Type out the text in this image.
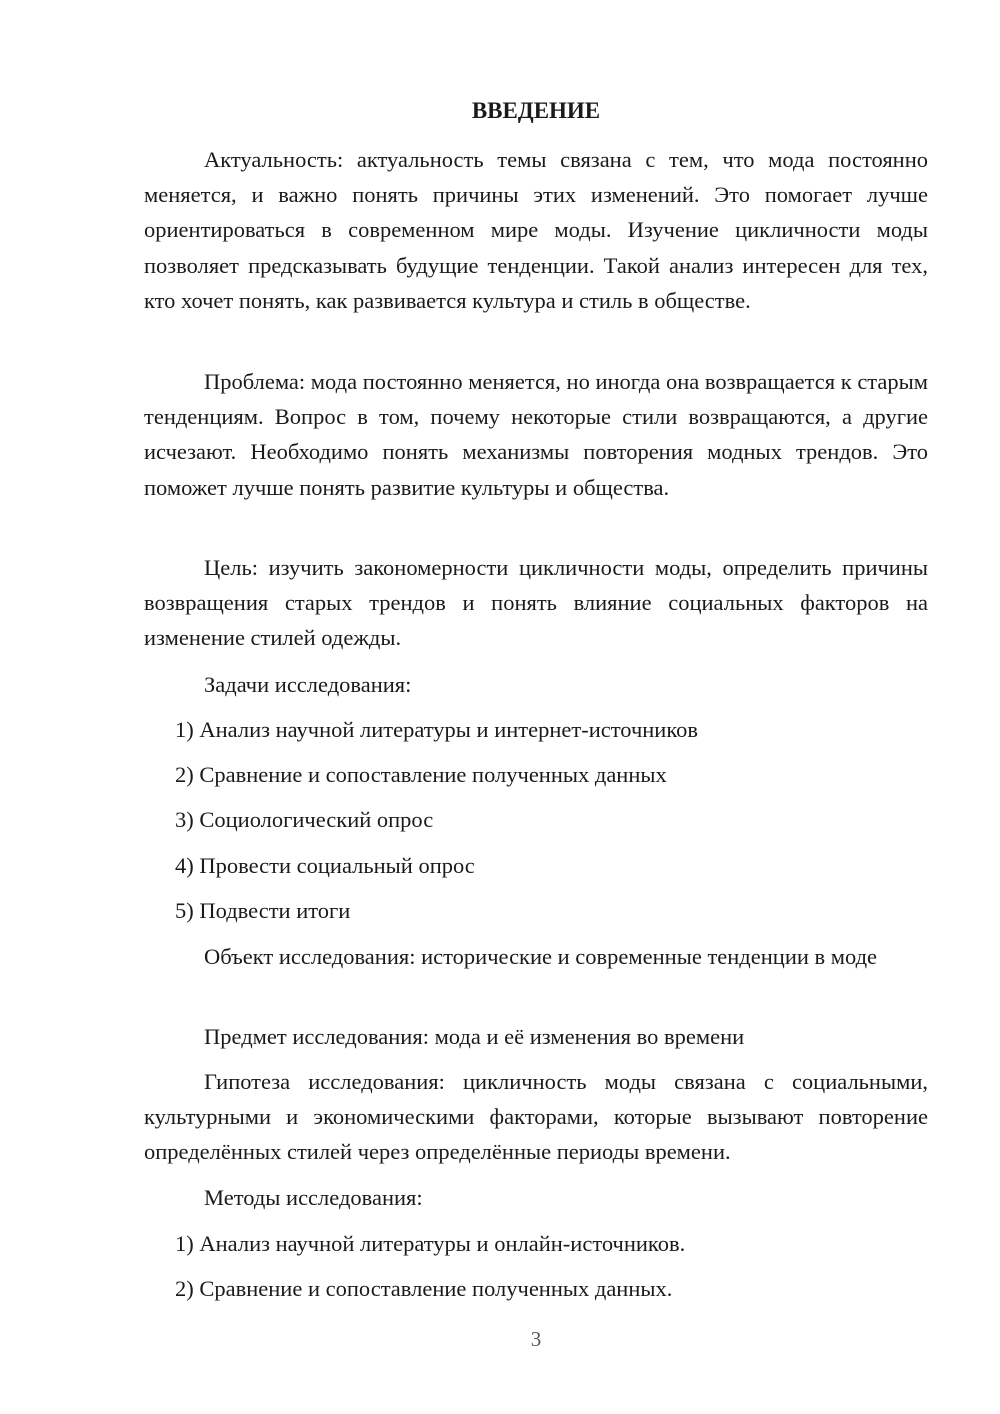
ВВЕДЕНИЕ

Актуальность: актуальность темы связана с тем, что мода постоянно меняется, и важно понять причины этих изменений. Это помогает лучше ориентироваться в современном мире моды. Изучение цикличности моды позволяет предсказывать будущие тенденции. Такой анализ интересен для тех, кто хочет понять, как развивается культура и стиль в обществе.

Проблема: мода постоянно меняется, но иногда она возвращается к старым тенденциям. Вопрос в том, почему некоторые стили возвращаются, а другие исчезают. Необходимо понять механизмы повторения модных трендов. Это поможет лучше понять развитие культуры и общества.

Цель: изучить закономерности цикличности моды, определить причины возвращения старых трендов и понять влияние социальных факторов на изменение стилей одежды.

Задачи исследования:

1) Анализ научной литературы и интернет-источников

2) Сравнение и сопоставление полученных данных

3) Социологический опрос

4) Провести социальный опрос

5) Подвести итоги

Объект исследования: исторические и современные тенденции в моде

Предмет исследования: мода и её изменения во времени

Гипотеза исследования: цикличность моды связана с социальными, культурными и экономическими факторами, которые вызывают повторение определённых стилей через определённые периоды времени.

Методы исследования:

1) Анализ научной литературы и онлайн-источников.

2) Сравнение и сопоставление полученных данных.

3
